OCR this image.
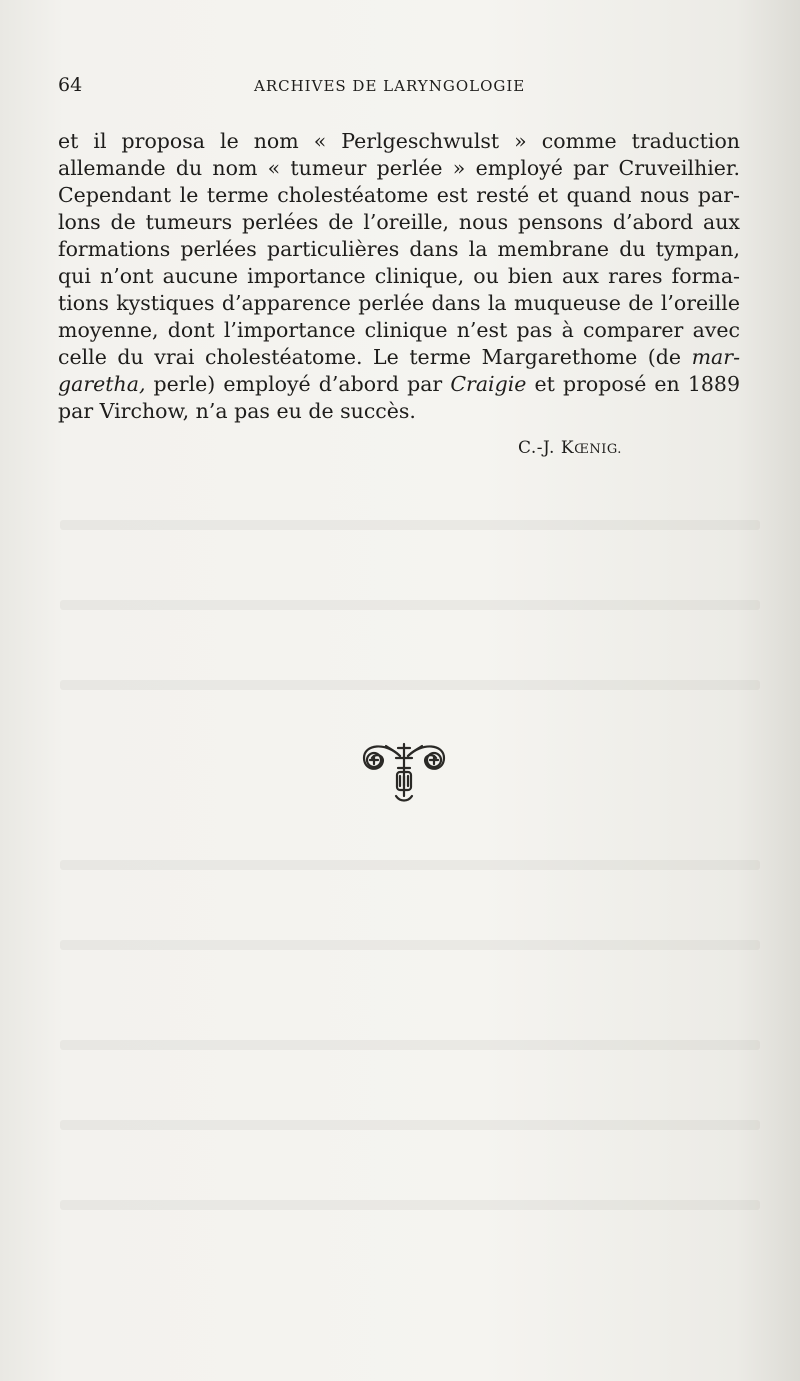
64	ARCHIVES DE LARYNGOLOGIE
et il proposa le nom « Perlgeschwulst » comme traduction
allemande du nom « tumeur perlée » employé par Cruveilhier.
Cependant le terme cholestéatome est resté et quand nous par-
lons de tumeurs perlées de l’oreille, nous pensons d’abord aux
formations perlées particulières dans la membrane du tympan,
qui n’ont aucune importance clinique, ou bien aux rares forma-
tions kystiques d’apparence perlée dans la muqueuse de l’oreille
moyenne, dont l’importance clinique n’est pas à comparer avec
celle du vrai cholestéatome. Le terme Margarethome (de mar-
garetha, perle) employé d’abord par Craigie et proposé en 1889
par Virchow, n’a pas eu de succès.
C.-J. KŒNIG.
